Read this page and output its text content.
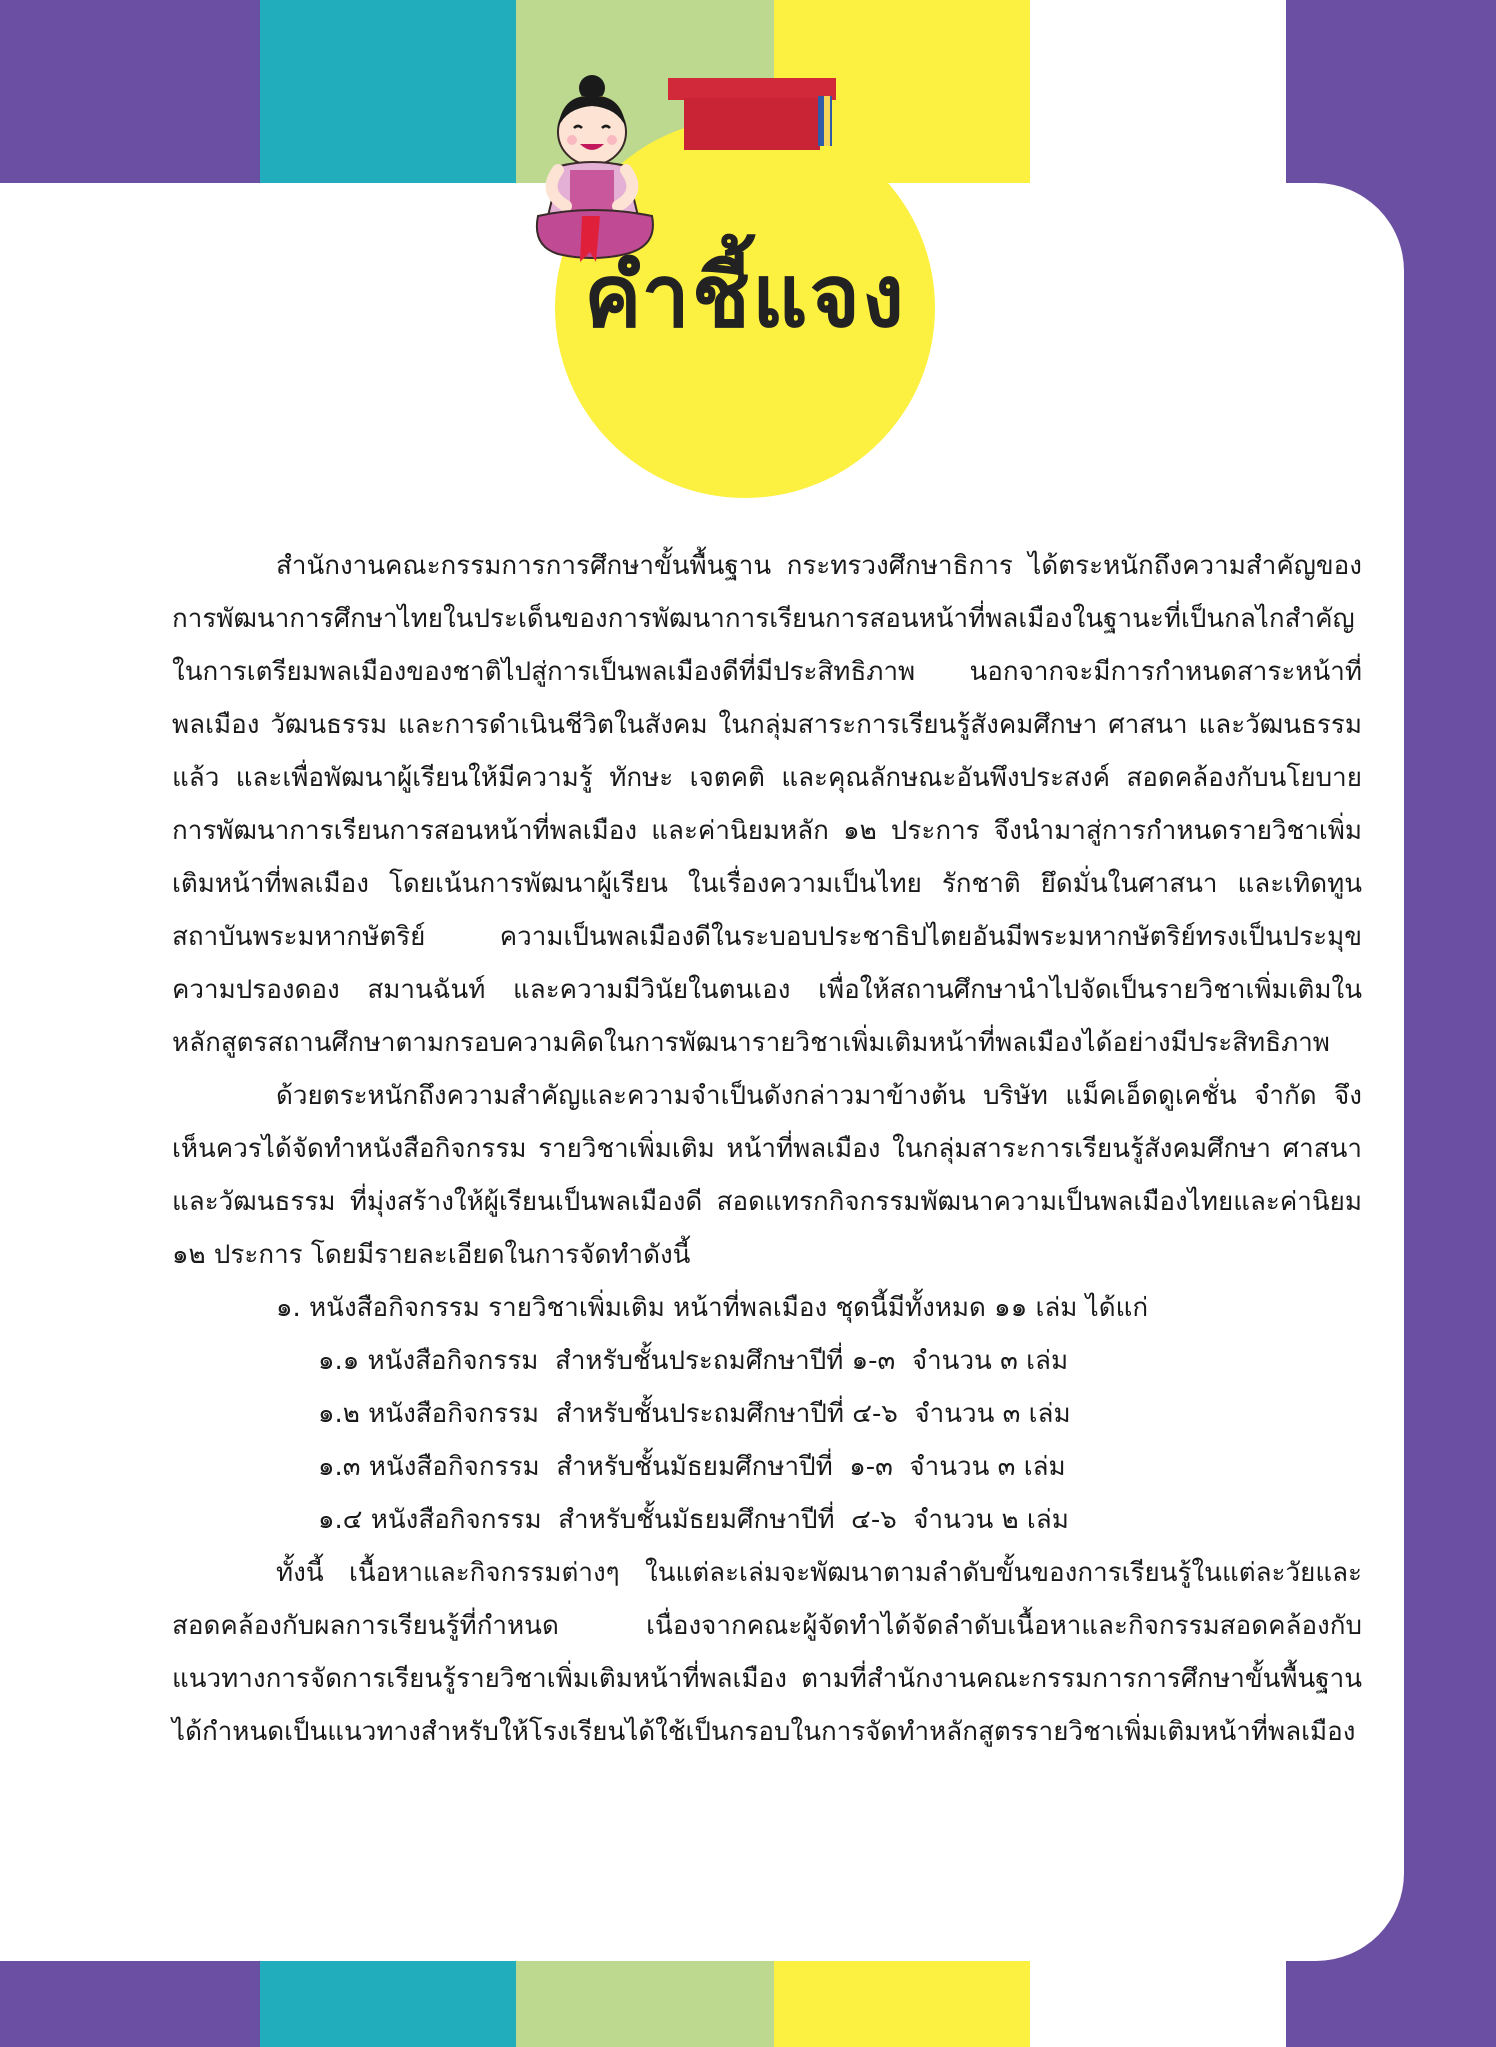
คำชี้แจง

สำนักงานคณะกรรมการการศึกษาขั้นพื้นฐาน กระทรวงศึกษาธิการ ได้ตระหนักถึงความสำคัญของการพัฒนาการศึกษาไทยในประเด็นของการพัฒนาการเรียนการสอนหน้าที่พลเมืองในฐานะที่เป็นกลไกสำคัญในการเตรียมพลเมืองของชาติไปสู่การเป็นพลเมืองดีที่มีประสิทธิภาพ นอกจากจะมีการกำหนดสาระหน้าที่พลเมือง วัฒนธรรม และการดำเนินชีวิตในสังคม ในกลุ่มสาระการเรียนรู้สังคมศึกษา ศาสนา และวัฒนธรรมแล้ว และเพื่อพัฒนาผู้เรียนให้มีความรู้ ทักษะ เจตคติ และคุณลักษณะอันพึงประสงค์ สอดคล้องกับนโยบายการพัฒนาการเรียนการสอนหน้าที่พลเมือง และค่านิยมหลัก ๑๒ ประการ จึงนำมาสู่การกำหนดรายวิชาเพิ่มเติมหน้าที่พลเมือง โดยเน้นการพัฒนาผู้เรียน ในเรื่องความเป็นไทย รักชาติ ยึดมั่นในศาสนา และเทิดทูนสถาบันพระมหากษัตริย์ ความเป็นพลเมืองดีในระบอบประชาธิปไตยอันมีพระมหากษัตริย์ทรงเป็นประมุข ความปรองดอง สมานฉันท์ และความมีวินัยในตนเอง เพื่อให้สถานศึกษานำไปจัดเป็นรายวิชาเพิ่มเติมในหลักสูตรสถานศึกษาตามกรอบความคิดในการพัฒนารายวิชาเพิ่มเติมหน้าที่พลเมืองได้อย่างมีประสิทธิภาพ

ด้วยตระหนักถึงความสำคัญและความจำเป็นดังกล่าวมาข้างต้น บริษัท แม็คเอ็ดดูเคชั่น จำกัด จึงเห็นควรได้จัดทำหนังสือกิจกรรม รายวิชาเพิ่มเติม หน้าที่พลเมือง ในกลุ่มสาระการเรียนรู้สังคมศึกษา ศาสนาและวัฒนธรรม ที่มุ่งสร้างให้ผู้เรียนเป็นพลเมืองดี สอดแทรกกิจกรรมพัฒนาความเป็นพลเมืองไทยและค่านิยม ๑๒ ประการ โดยมีรายละเอียดในการจัดทำดังนี้

๑. หนังสือกิจกรรม รายวิชาเพิ่มเติม หน้าที่พลเมือง ชุดนี้มีทั้งหมด ๑๑ เล่ม ได้แก่

๑.๑ หนังสือกิจกรรม  สำหรับชั้นประถมศึกษาปีที่ ๑-๓  จำนวน ๓ เล่ม

๑.๒ หนังสือกิจกรรม  สำหรับชั้นประถมศึกษาปีที่ ๔-๖  จำนวน ๓ เล่ม

๑.๓ หนังสือกิจกรรม  สำหรับชั้นมัธยมศึกษาปีที่  ๑-๓  จำนวน ๓ เล่ม

๑.๔ หนังสือกิจกรรม  สำหรับชั้นมัธยมศึกษาปีที่  ๔-๖  จำนวน ๒ เล่ม

ทั้งนี้ เนื้อหาและกิจกรรมต่างๆ ในแต่ละเล่มจะพัฒนาตามลำดับขั้นของการเรียนรู้ในแต่ละวัยและสอดคล้องกับผลการเรียนรู้ที่กำหนด เนื่องจากคณะผู้จัดทำได้จัดลำดับเนื้อหาและกิจกรรมสอดคล้องกับแนวทางการจัดการเรียนรู้รายวิชาเพิ่มเติมหน้าที่พลเมือง ตามที่สำนักงานคณะกรรมการการศึกษาขั้นพื้นฐานได้กำหนดเป็นแนวทางสำหรับให้โรงเรียนได้ใช้เป็นกรอบในการจัดทำหลักสูตรรายวิชาเพิ่มเติมหน้าที่พลเมือง
